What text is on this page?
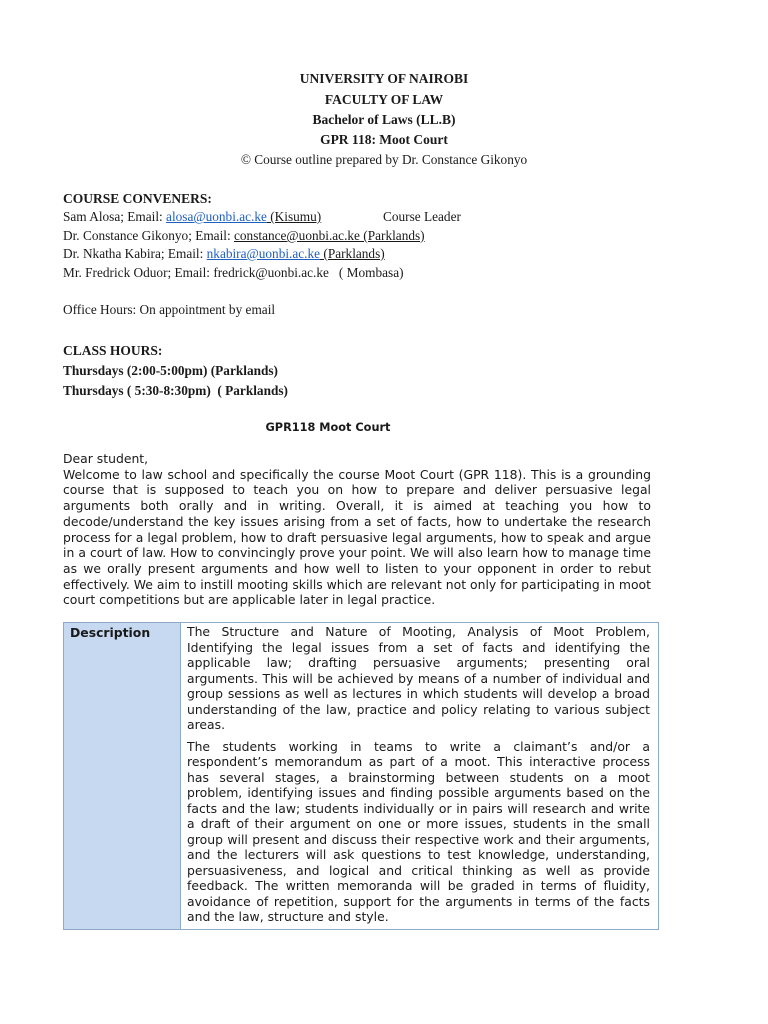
UNIVERSITY OF NAIROBI
FACULTY OF LAW
Bachelor of Laws (LL.B)
GPR 118: Moot Court
© Course outline prepared by Dr. Constance Gikonyo
COURSE CONVENERS:
Sam Alosa; Email: alosa@uonbi.ac.ke (Kisumu)	Course Leader
Dr. Constance Gikonyo; Email: constance@uonbi.ac.ke (Parklands)
Dr. Nkatha Kabira; Email: nkabira@uonbi.ac.ke (Parklands)
Mr. Fredrick Oduor; Email: fredrick@uonbi.ac.ke   ( Mombasa)
Office Hours: On appointment by email
CLASS HOURS:
Thursdays (2:00-5:00pm) (Parklands)
Thursdays ( 5:30-8:30pm)  ( Parklands)
GPR118 Moot Court

Dear student,

Welcome to law school and specifically the course Moot Court (GPR 118). This is a grounding course that is supposed to teach you on how to prepare and deliver persuasive legal arguments both orally and in writing. Overall, it is aimed at teaching you how to decode/understand the key issues arising from a set of facts, how to undertake the research process for a legal problem, how to draft persuasive legal arguments, how to speak and argue in a court of law. How to convincingly prove your point. We will also learn how to manage time as we orally present arguments and how well to listen to your opponent in order to rebut effectively. We aim to instill mooting skills which are relevant not only for participating in moot court competitions but are applicable later in legal practice.

Description	The Structure and Nature of Mooting, Analysis of Moot Problem, Identifying the legal issues from a set of facts and identifying the applicable law; drafting persuasive arguments; presenting oral arguments. This will be achieved by means of a number of individual and group sessions as well as lectures in which students will develop a broad understanding of the law, practice and policy relating to various subject areas.

The students working in teams to write a claimant’s and/or a respondent’s memorandum as part of a moot. This interactive process has several stages, a brainstorming between students on a moot problem, identifying issues and finding possible arguments based on the facts and the law; students individually or in pairs will research and write a draft of their argument on one or more issues, students in the small group will present and discuss their respective work and their arguments, and the lecturers will ask questions to test knowledge, understanding, persuasiveness, and logical and critical thinking as well as provide feedback. The written memoranda will be graded in terms of fluidity, avoidance of repetition, support for the arguments in terms of the facts and the law, structure and style.
